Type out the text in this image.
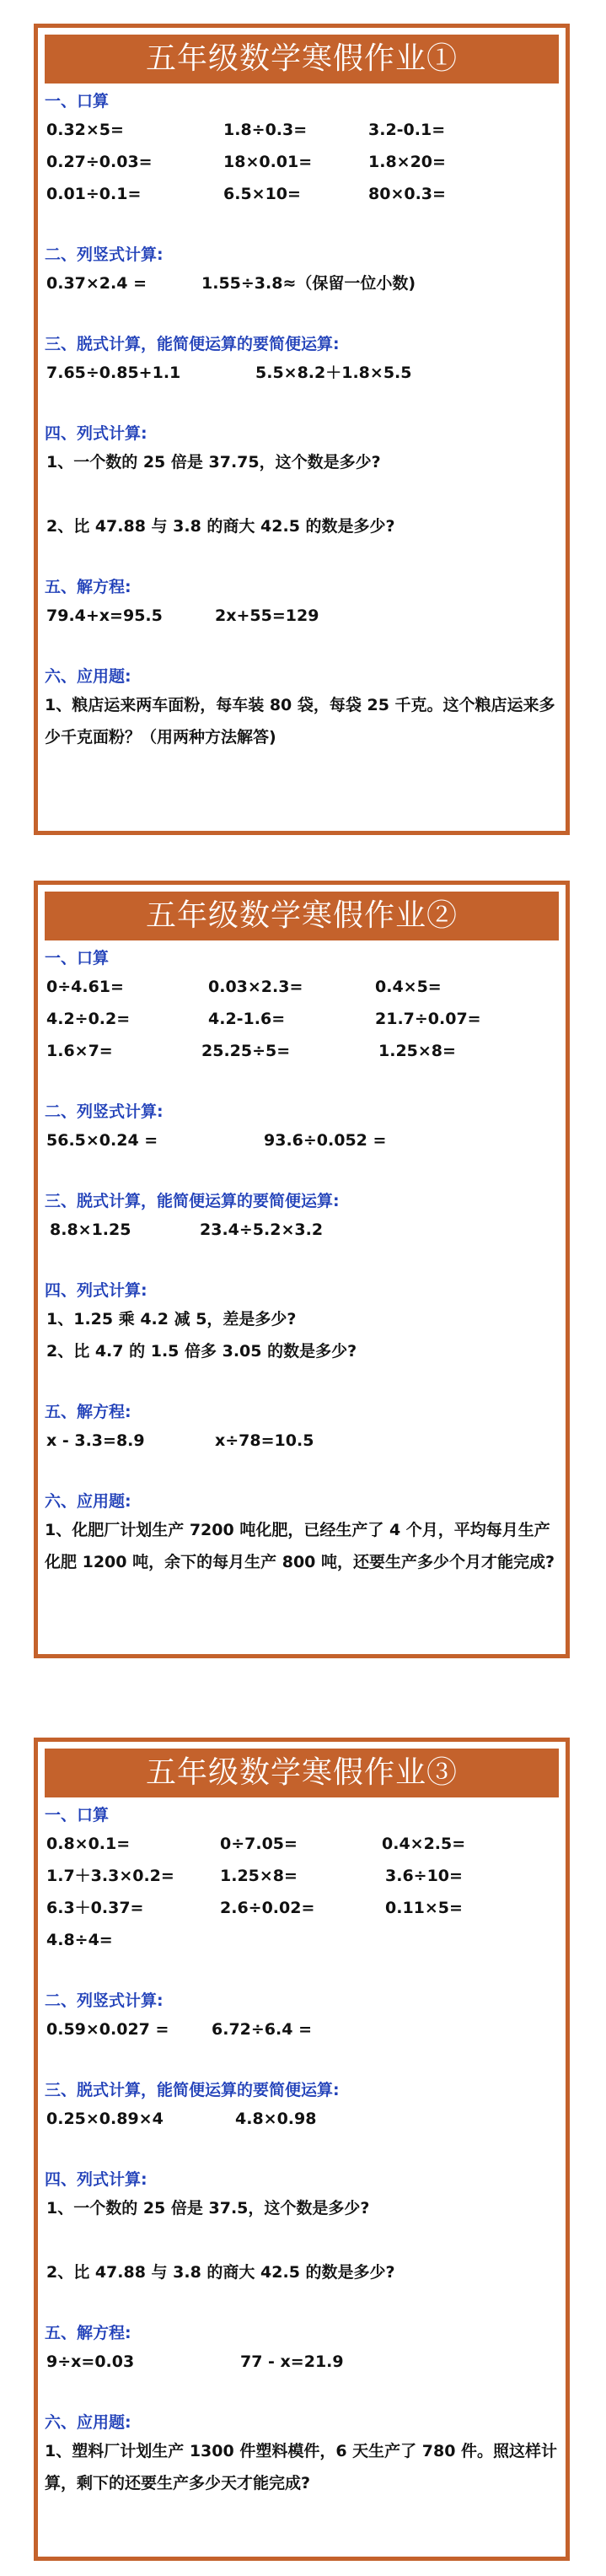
五年级数学寒假作业①
一、口算
0.32×5=	1.8÷0.3=	3.2-0.1=
0.27÷0.03=	18×0.01=	1.8×20=
0.01÷0.1=	6.5×10=	80×0.3=
二、列竖式计算:
0.37×2.4 =	1.55÷3.8≈（保留一位小数)
三、脱式计算，能简便运算的要简便运算:
7.65÷0.85+1.1	5.5×8.2＋1.8×5.5
四、列式计算:
1、一个数的 25 倍是 37.75，这个数是多少?
2、比 47.88 与 3.8 的商大 42.5 的数是多少?
五、解方程:
79.4+x=95.5	2x+55=129
六、应用题:

1、粮店运来两车面粉，每车装 80 袋，每袋 25 千克。这个粮店运来多少千克面粉？（用两种方法解答)

五年级数学寒假作业②
一、口算
0÷4.61=	0.03×2.3=	0.4×5=
4.2÷0.2=	4.2-1.6=	21.7÷0.07=
1.6×7=	25.25÷5=	1.25×8=
二、列竖式计算:
56.5×0.24 =	93.6÷0.052 =
三、脱式计算，能简便运算的要简便运算:
8.8×1.25	23.4÷5.2×3.2
四、列式计算:
1、1.25 乘 4.2 减 5，差是多少?
2、比 4.7 的 1.5 倍多 3.05 的数是多少?
五、解方程:
x - 3.3=8.9	x÷78=10.5
六、应用题:

1、化肥厂计划生产 7200 吨化肥，已经生产了 4 个月，平均每月生产化肥 1200 吨，余下的每月生产 800 吨，还要生产多少个月才能完成?

五年级数学寒假作业③
一、口算
0.8×0.1=	0÷7.05=	0.4×2.5=
1.7＋3.3×0.2=	1.25×8=	3.6÷10=
6.3＋0.37=	2.6÷0.02=	0.11×5=
4.8÷4=
二、列竖式计算:
0.59×0.027 =	6.72÷6.4 =
三、脱式计算，能简便运算的要简便运算:
0.25×0.89×4	4.8×0.98
四、列式计算:
1、一个数的 25 倍是 37.5，这个数是多少?
2、比 47.88 与 3.8 的商大 42.5 的数是多少?
五、解方程:
9÷x=0.03	77 - x=21.9
六、应用题:

1、塑料厂计划生产 1300 件塑料模件，6 天生产了 780 件。照这样计算，剩下的还要生产多少天才能完成?
